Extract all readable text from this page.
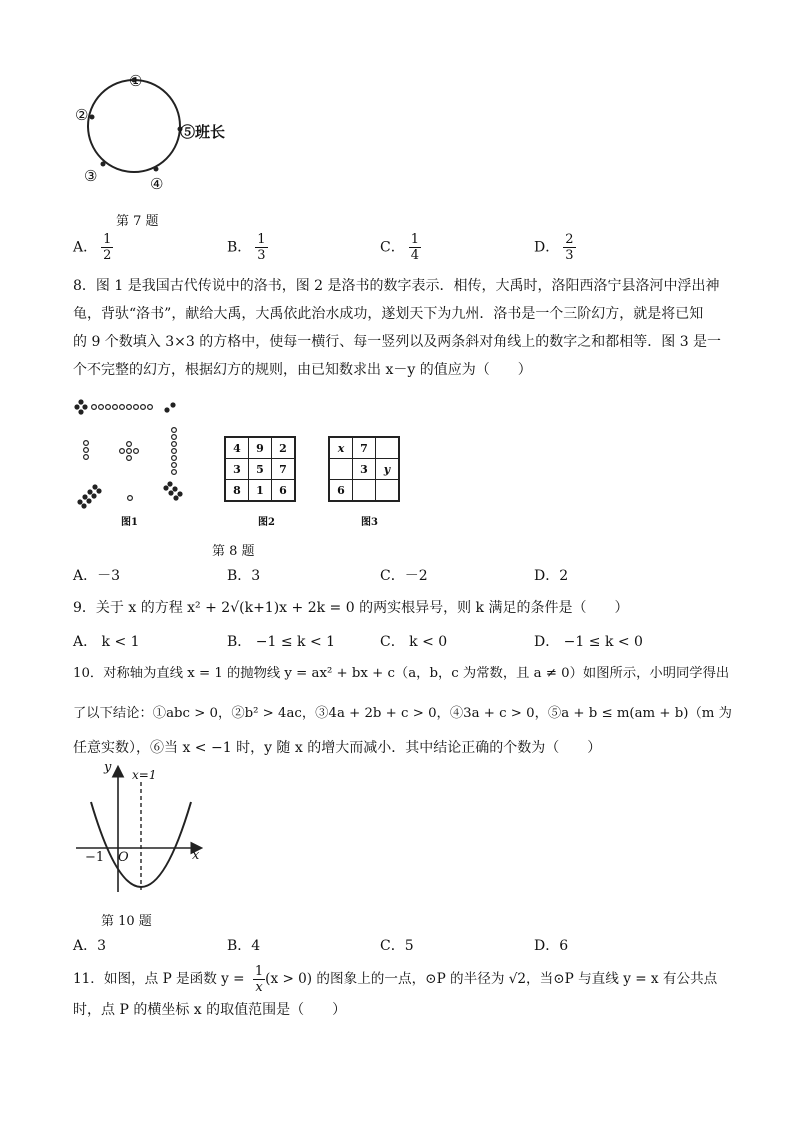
①
②
③	④
⑤班长
第 7 题
A． $\frac{1}{2}$	B． $\frac{1}{3}$	C． $\frac{1}{4}$	D． $\frac{2}{3}$
8．图 1 是我国古代传说中的洛书，图 2 是洛书的数字表示．相传，大禹时，洛阳西洛宁县洛河中浮出神
龟，背驮“洛书”，献给大禹，大禹依此治水成功，遂划天下为九州．洛书是一个三阶幻方，就是将已知
的 9 个数填入 3×3 的方格中，使每一横行、每一竖列以及两条斜对角线上的数字之和都相等．图 3 是一
个不完整的幻方，根据幻方的规则，由已知数求出 x－y 的值应为（　　）
图1
4	9	2
3	5	7
8	1	6
图2
x	7	
	3	y
6		
图3
第 8 题
A．－3	B．3	C．－2	D．2
9．关于 x 的方程 x² + 2√(k+1)x + 2k = 0 的两实根异号，则 k 满足的条件是（　　）
A． k < 1	B． −1 ≤ k < 1	C． k < 0	D． −1 ≤ k < 0
10．对称轴为直线 x = 1 的抛物线 y = ax² + bx + c（a，b，c 为常数，且 a ≠ 0）如图所示，小明同学得出
了以下结论：①abc > 0，②b² > 4ac，③4a + 2b + c > 0，④3a + c > 0，⑤a + b ≤ m(am + b)（m 为
任意实数），⑥当 x < −1 时，y 随 x 的增大而减小．其中结论正确的个数为（　　）
y x=1
−1 O	x
第 10 题
A．3	B．4	C．5	D．6
11．如图，点 P 是函数 $y = \frac{1}{x} (x > 0)$ 的图象上的一点，⊙P 的半径为 √2，当⊙P 与直线 y = x 有公共点
时，点 P 的横坐标 x 的取值范围是（　　）
